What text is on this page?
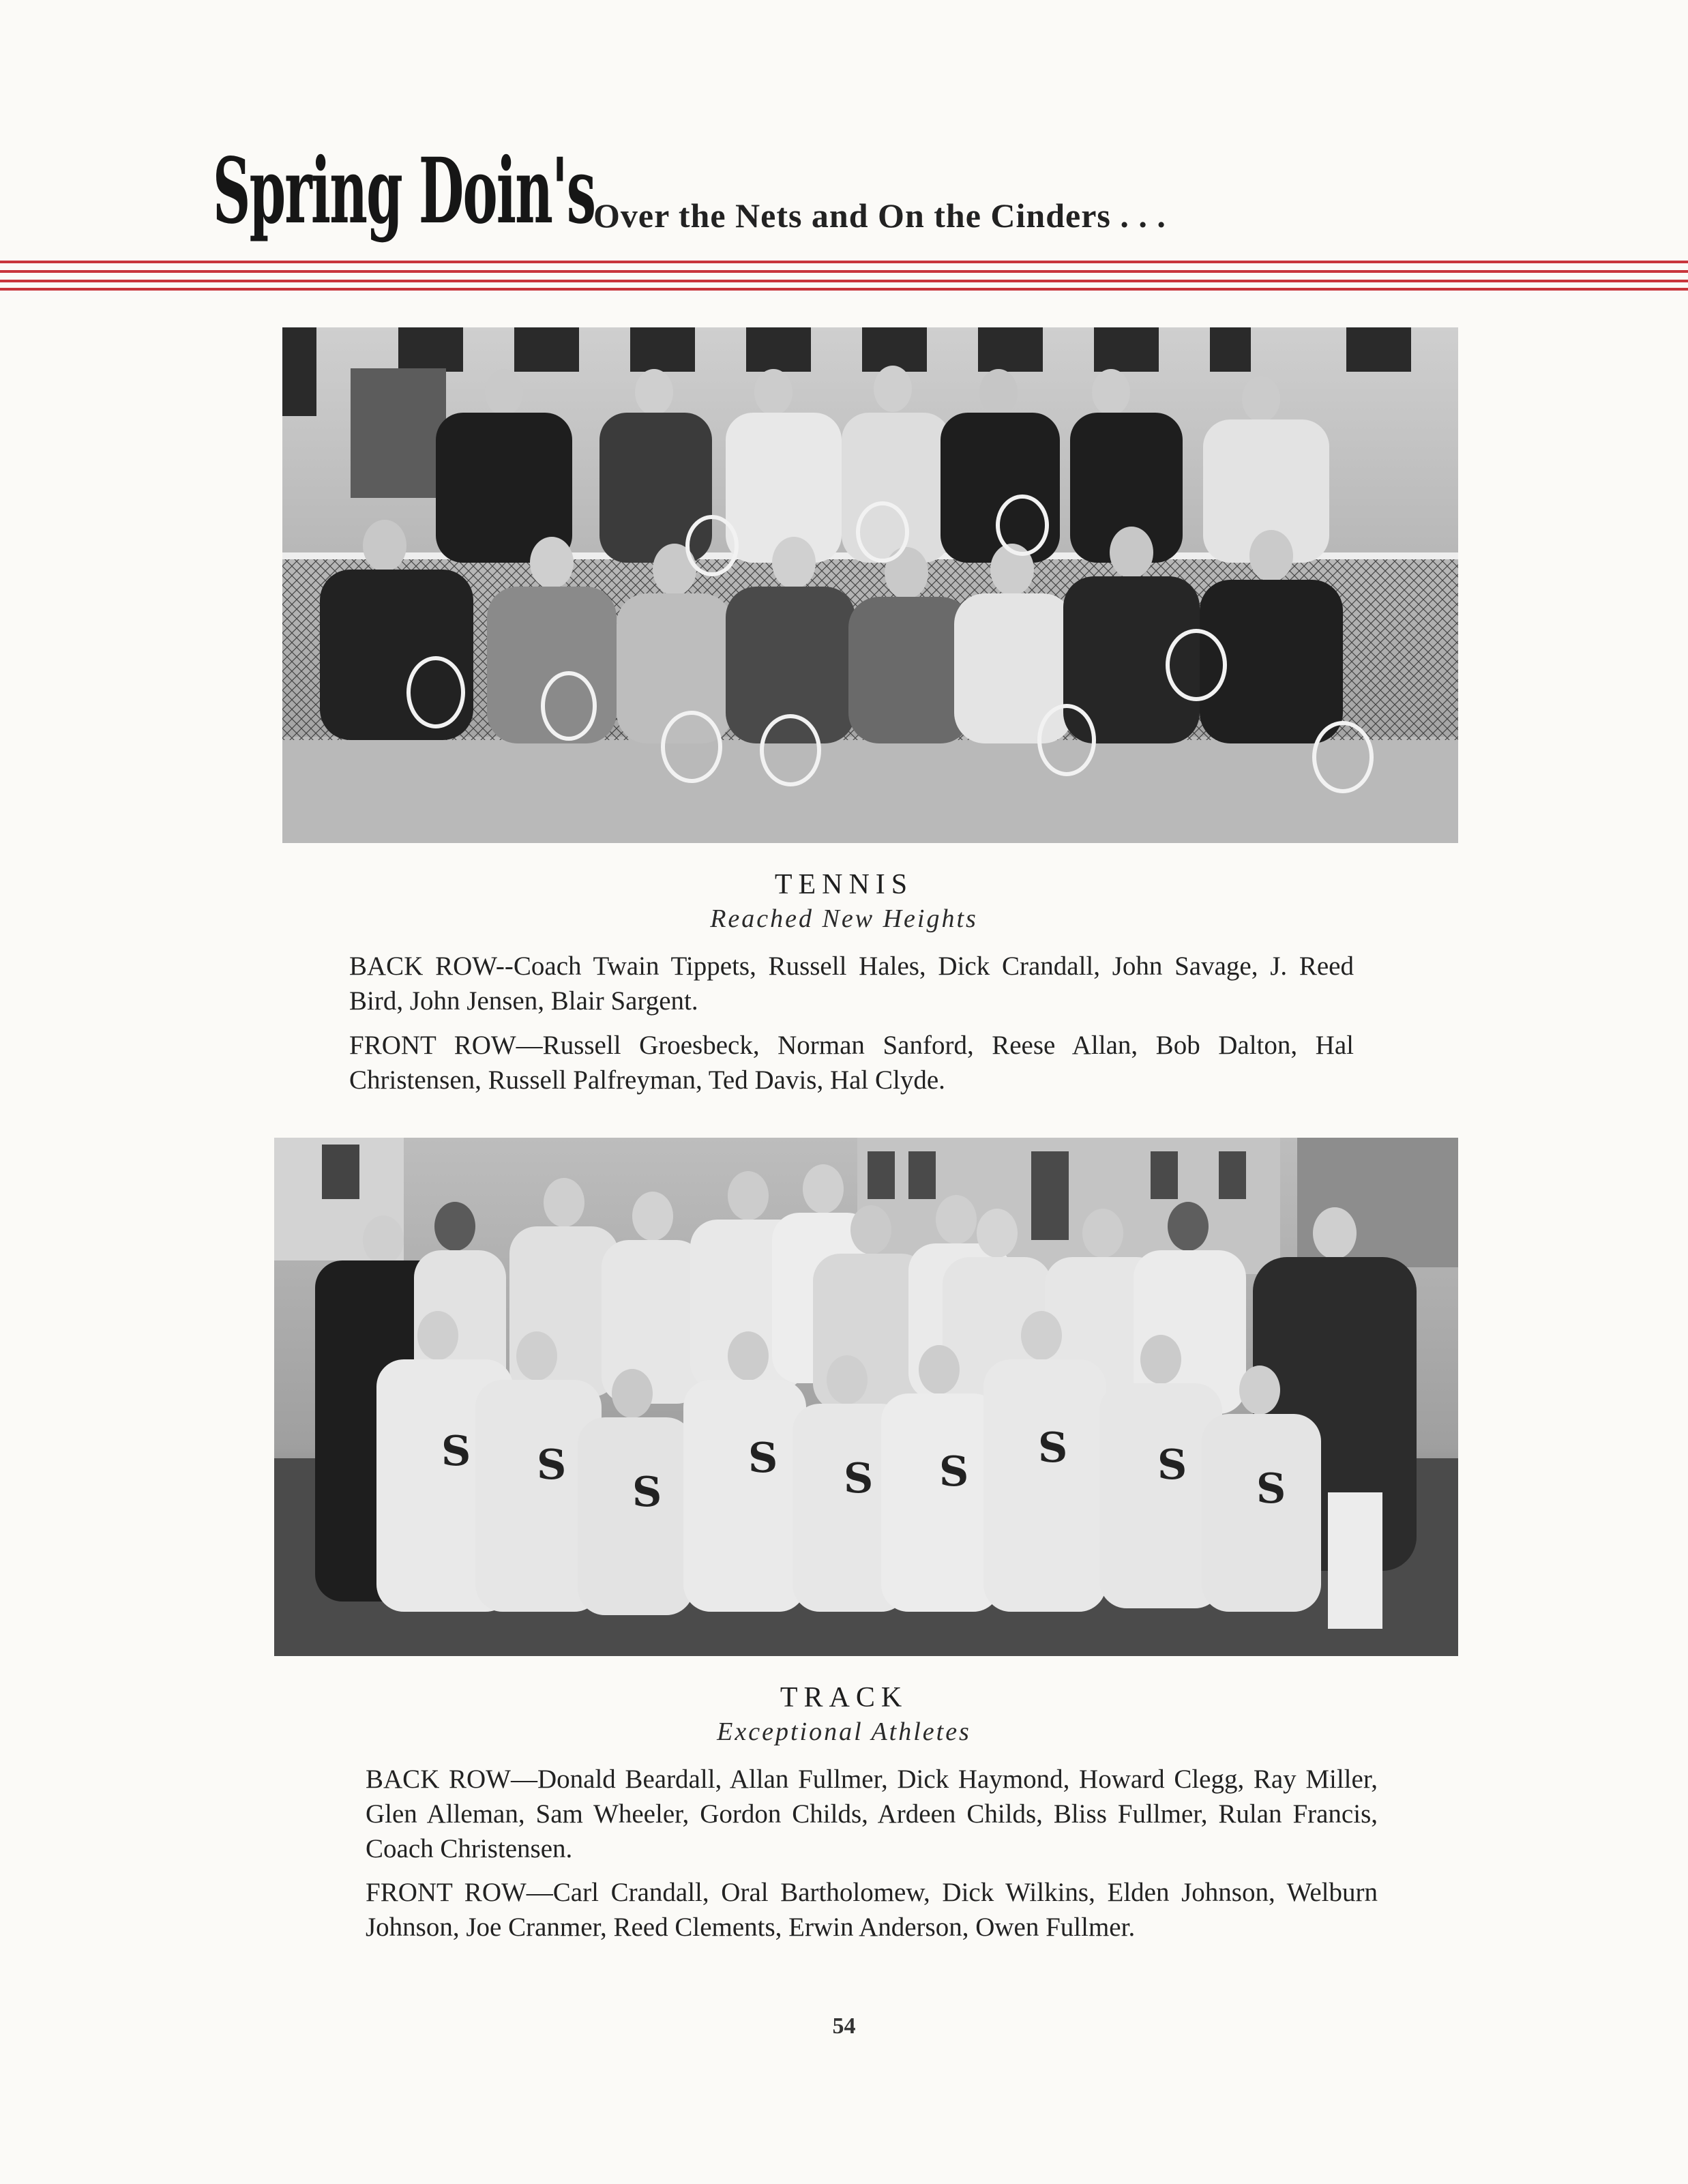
Spring Doin's
Over the Nets and On the Cinders . . .
TENNIS
Reached New Heights

BACK ROW--Coach Twain Tippets, Russell Hales, Dick Crandall, John Savage, J. Reed Bird, John Jensen, Blair Sargent.

FRONT ROW—Russell Groesbeck, Norman Sanford, Reese Allan, Bob Dalton, Hal Christensen, Russell Palfreyman, Ted Davis, Hal Clyde.

S S
S
S S S S S S
TRACK
Exceptional Athletes

BACK ROW—Donald Beardall, Allan Fullmer, Dick Haymond, Howard Clegg, Ray Miller, Glen Alleman, Sam Wheeler, Gordon Childs, Ardeen Childs, Bliss Fullmer, Rulan Francis, Coach Christensen.

FRONT ROW—Carl Crandall, Oral Bartholomew, Dick Wilkins, Elden Johnson, Welburn Johnson, Joe Cranmer, Reed Clements, Erwin Anderson, Owen Fullmer.

54
